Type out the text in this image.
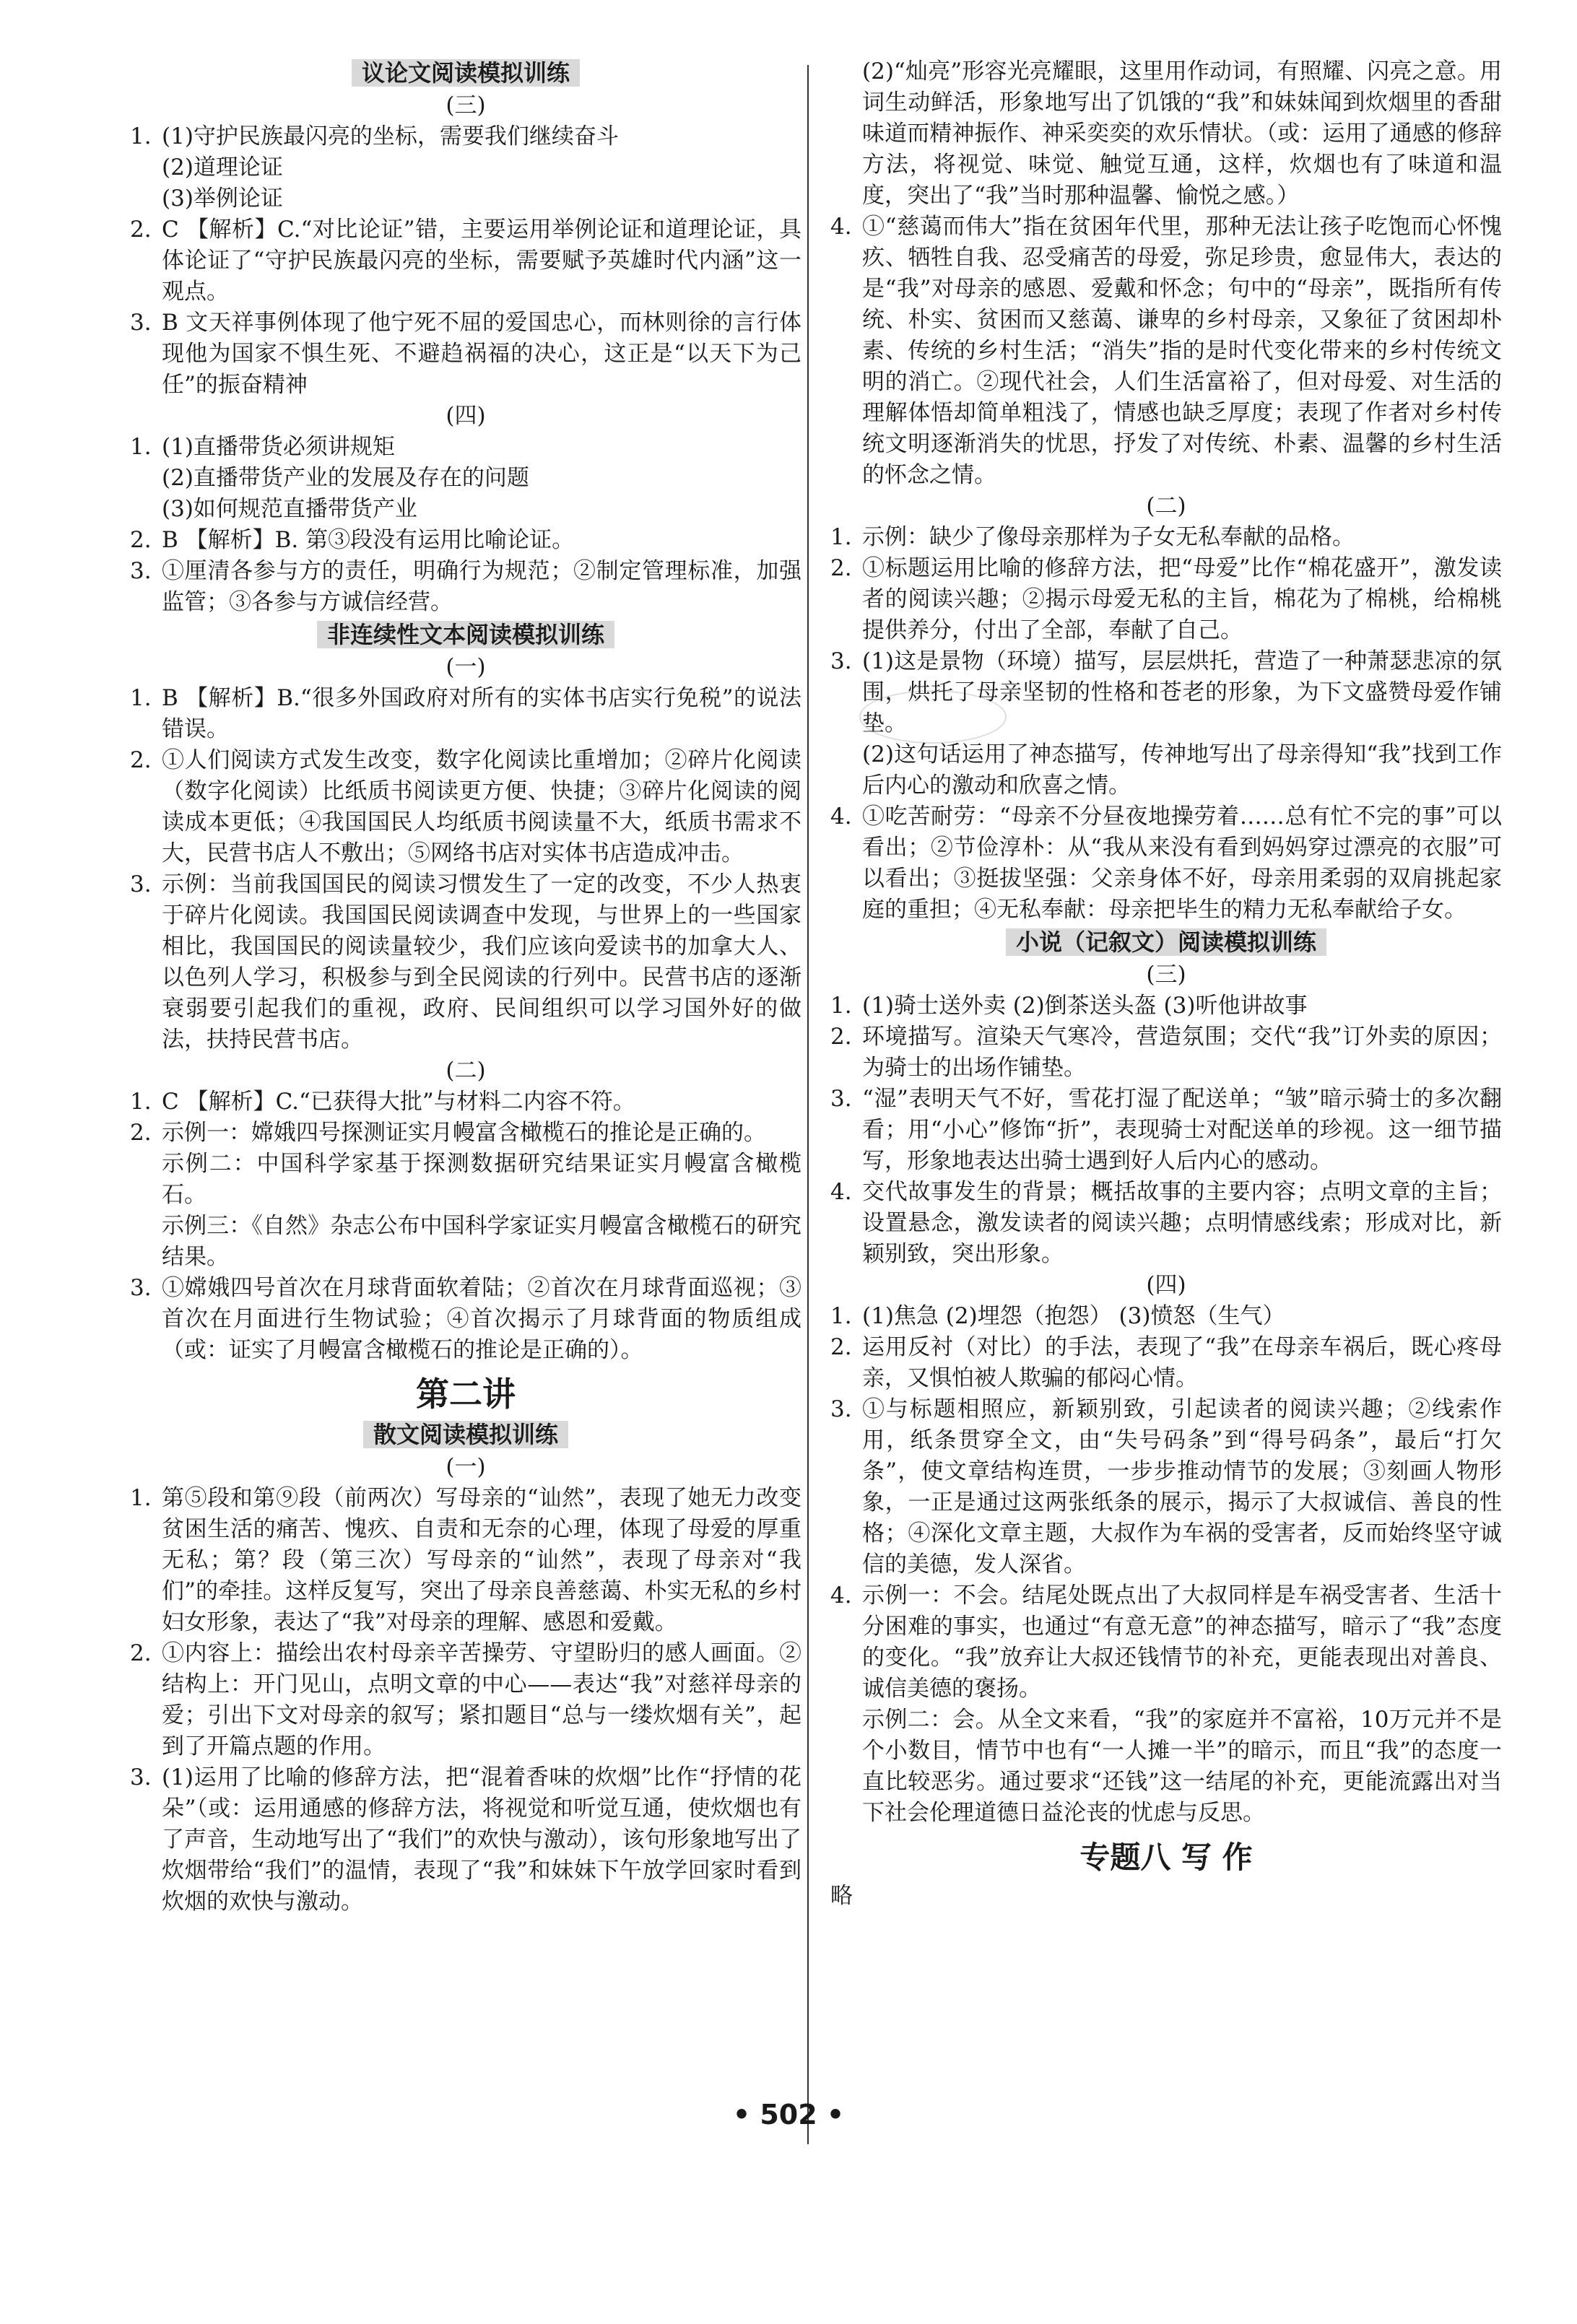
议论文阅读模拟训练

(三)

1. (1)守护民族最闪亮的坐标，需要我们继续奋斗
(2)道理论证
(3)举例论证
2. C 【解析】C.“对比论证”错，主要运用举例论证和道理论证，具体论证了“守护民族最闪亮的坐标，需要赋予英雄时代内涵”这一观点。
3. B 文天祥事例体现了他宁死不屈的爱国忠心，而林则徐的言行体现他为国家不惧生死、不避趋祸福的决心，这正是“以天下为己任”的振奋精神

(四)

1. (1)直播带货必须讲规矩
(2)直播带货产业的发展及存在的问题
(3)如何规范直播带货产业
2. B 【解析】B. 第③段没有运用比喻论证。
3. ①厘清各参与方的责任，明确行为规范；②制定管理标准，加强监管；③各参与方诚信经营。
非连续性文本阅读模拟训练

(一)

1. B 【解析】B.“很多外国政府对所有的实体书店实行免税”的说法错误。
2. ①人们阅读方式发生改变，数字化阅读比重增加；②碎片化阅读（数字化阅读）比纸质书阅读更方便、快捷；③碎片化阅读的阅读成本更低；④我国国民人均纸质书阅读量不大，纸质书需求不大，民营书店人不敷出；⑤网络书店对实体书店造成冲击。
3. 示例：当前我国国民的阅读习惯发生了一定的改变，不少人热衷于碎片化阅读。我国国民阅读调查中发现，与世界上的一些国家相比，我国国民的阅读量较少，我们应该向爱读书的加拿大人、以色列人学习，积极参与到全民阅读的行列中。民营书店的逐渐衰弱要引起我们的重视，政府、民间组织可以学习国外好的做法，扶持民营书店。

(二)

1. C 【解析】C.“已获得大批”与材料二内容不符。
2. 示例一：嫦娥四号探测证实月幔富含橄榄石的推论是正确的。
示例二：中国科学家基于探测数据研究结果证实月幔富含橄榄石。
示例三：《自然》杂志公布中国科学家证实月幔富含橄榄石的研究结果。
3. ①嫦娥四号首次在月球背面软着陆；②首次在月球背面巡视；③首次在月面进行生物试验；④首次揭示了月球背面的物质组成（或：证实了月幔富含橄榄石的推论是正确的）。
第二讲
散文阅读模拟训练

(一)

1. 第⑤段和第⑨段（前两次）写母亲的“讪然”，表现了她无力改变贫困生活的痛苦、愧疚、自责和无奈的心理，体现了母爱的厚重无私；第？段（第三次）写母亲的“讪然”，表现了母亲对“我们”的牵挂。这样反复写，突出了母亲良善慈蔼、朴实无私的乡村妇女形象，表达了“我”对母亲的理解、感恩和爱戴。
2. ①内容上：描绘出农村母亲辛苦操劳、守望盼归的感人画面。②结构上：开门见山，点明文章的中心——表达“我”对慈祥母亲的爱；引出下文对母亲的叙写；紧扣题目“总与一缕炊烟有关”，起到了开篇点题的作用。
3. (1)运用了比喻的修辞方法，把“混着香味的炊烟”比作“抒情的花朵”（或：运用通感的修辞方法，将视觉和听觉互通，使炊烟也有了声音，生动地写出了“我们”的欢快与激动），该句形象地写出了炊烟带给“我们”的温情，表现了“我”和妹妹下午放学回家时看到炊烟的欢快与激动。
(2)“灿亮”形容光亮耀眼，这里用作动词，有照耀、闪亮之意。用词生动鲜活，形象地写出了饥饿的“我”和妹妹闻到炊烟里的香甜味道而精神振作、神采奕奕的欢乐情状。（或：运用了通感的修辞方法，将视觉、味觉、触觉互通，这样，炊烟也有了味道和温度，突出了“我”当时那种温馨、愉悦之感。）
4. ①“慈蔼而伟大”指在贫困年代里，那种无法让孩子吃饱而心怀愧疚、牺牲自我、忍受痛苦的母爱，弥足珍贵，愈显伟大，表达的是“我”对母亲的感恩、爱戴和怀念；句中的“母亲”，既指所有传统、朴实、贫困而又慈蔼、谦卑的乡村母亲，又象征了贫困却朴素、传统的乡村生活；“消失”指的是时代变化带来的乡村传统文明的消亡。②现代社会，人们生活富裕了，但对母爱、对生活的理解体悟却简单粗浅了，情感也缺乏厚度；表现了作者对乡村传统文明逐渐消失的忧思，抒发了对传统、朴素、温馨的乡村生活的怀念之情。

(二)

1. 示例：缺少了像母亲那样为子女无私奉献的品格。
2. ①标题运用比喻的修辞方法，把“母爱”比作“棉花盛开”，激发读者的阅读兴趣；②揭示母爱无私的主旨，棉花为了棉桃，给棉桃提供养分，付出了全部，奉献了自己。
3. (1)这是景物（环境）描写，层层烘托，营造了一种萧瑟悲凉的氛围，烘托了母亲坚韧的性格和苍老的形象，为下文盛赞母爱作铺垫。
(2)这句话运用了神态描写，传神地写出了母亲得知“我”找到工作后内心的激动和欣喜之情。
4. ①吃苦耐劳：“母亲不分昼夜地操劳着……总有忙不完的事”可以看出；②节俭淳朴：从“我从来没有看到妈妈穿过漂亮的衣服”可以看出；③挺拔坚强：父亲身体不好，母亲用柔弱的双肩挑起家庭的重担；④无私奉献：母亲把毕生的精力无私奉献给子女。
小说（记叙文）阅读模拟训练

(三)

1. (1)骑士送外卖 (2)倒茶送头盔 (3)听他讲故事
2. 环境描写。渲染天气寒冷，营造氛围；交代“我”订外卖的原因；为骑士的出场作铺垫。
3. “湿”表明天气不好，雪花打湿了配送单；“皱”暗示骑士的多次翻看；用“小心”修饰“折”，表现骑士对配送单的珍视。这一细节描写，形象地表达出骑士遇到好人后内心的感动。
4. 交代故事发生的背景；概括故事的主要内容；点明文章的主旨；设置悬念，激发读者的阅读兴趣；点明情感线索；形成对比，新颖别致，突出形象。

(四)

1. (1)焦急 (2)埋怨（抱怨） (3)愤怒（生气）
2. 运用反衬（对比）的手法，表现了“我”在母亲车祸后，既心疼母亲，又惧怕被人欺骗的郁闷心情。
3. ①与标题相照应，新颖别致，引起读者的阅读兴趣；②线索作用，纸条贯穿全文，由“失号码条”到“得号码条”，最后“打欠条”，使文章结构连贯，一步步推动情节的发展；③刻画人物形象，一正是通过这两张纸条的展示，揭示了大叔诚信、善良的性格；④深化文章主题，大叔作为车祸的受害者，反而始终坚守诚信的美德，发人深省。
4. 示例一：不会。结尾处既点出了大叔同样是车祸受害者、生活十分困难的事实，也通过“有意无意”的神态描写，暗示了“我”态度的变化。“我”放弃让大叔还钱情节的补充，更能表现出对善良、诚信美德的褒扬。
示例二：会。从全文来看，“我”的家庭并不富裕，10万元并不是个小数目，情节中也有“一人摊一半”的暗示，而且“我”的态度一直比较恶劣。通过要求“还钱”这一结尾的补充，更能流露出对当下社会伦理道德日益沦丧的忧虑与反思。
专题八 写 作

略

• 502 •
